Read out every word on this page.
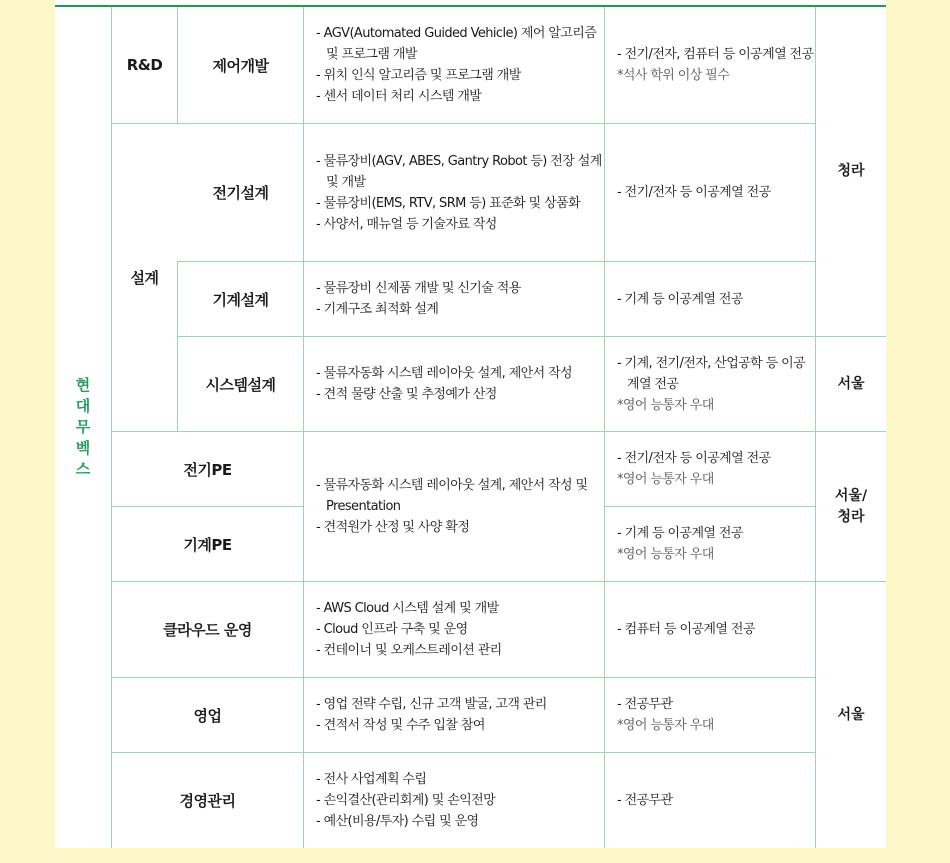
현
대
무
벡
스
R&D
설계
제어개발
전기설계
기계설계
시스템설계
전기PE
기계PE
클라우드 운영
영업
경영관리
- AGV(Automated Guided Vehicle) 제어 알고리즘 및 프로그램 개발
- 위치 인식 알고리즘 및 프로그램 개발
- 센서 데이터 처리 시스템 개발
- 물류장비(AGV, ABES, Gantry Robot 등) 전장 설계 및 개발
- 물류장비(EMS, RTV, SRM 등) 표준화 및 상품화
- 사양서, 매뉴얼 등 기술자료 작성
- 물류장비 신제품 개발 및 신기술 적용
- 기계구조 최적화 설계
- 물류자동화 시스템 레이아웃 설계, 제안서 작성
- 견적 물량 산출 및 추정예가 산정
- 물류자동화 시스템 레이아웃 설계, 제안서 작성 및 Presentation
- 견적원가 산정 및 사양 확정
- AWS Cloud 시스템 설계 및 개발
- Cloud 인프라 구축 및 운영
- 컨테이너 및 오케스트레이션 관리
- 영업 전략 수립, 신규 고객 발굴, 고객 관리
- 견적서 작성 및 수주 입찰 참여
- 전사 사업계획 수립
- 손익결산(관리회계) 및 손익전망
- 예산(비용/투자) 수립 및 운영
- 전기/전자, 컴퓨터 등 이공계열 전공
*석사 학위 이상 필수
- 전기/전자 등 이공계열 전공
- 기계 등 이공계열 전공
- 기계, 전기/전자, 산업공학 등 이공계열 전공
*영어 능통자 우대
- 전기/전자 등 이공계열 전공
*영어 능통자 우대
- 기계 등 이공계열 전공
*영어 능통자 우대
- 컴퓨터 등 이공계열 전공
- 전공무관
*영어 능통자 우대
- 전공무관
청라
서울
서울/
청라
서울
